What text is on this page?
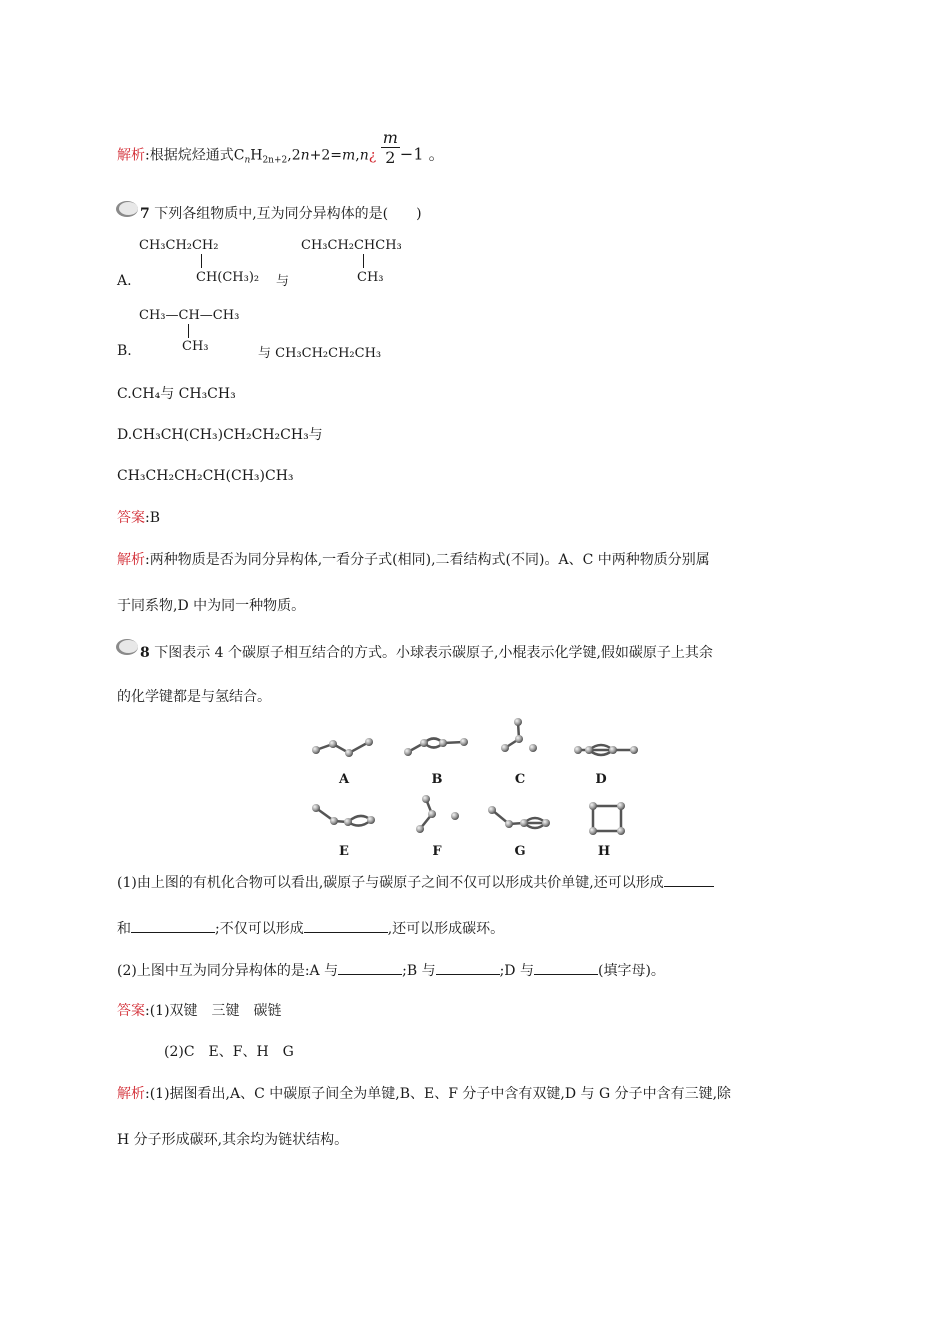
解析:根据烷烃通式$C_nH_{2n+2},2n+2=m,n¿ \frac{m}{2} -1$ 。
7 下列各组物质中,互为同分异构体的是(　　)
CH₃CH₂CH₂
CH(CH₃)₂
A.	与
CH₃CH₂CHCH₃
CH₃
CH₃—CH—CH₃
CH₃
B.	与 CH₃CH₂CH₂CH₃
C.CH₄与 CH₃CH₃
D.CH₃CH(CH₃)CH₂CH₂CH₃与
CH₃CH₂CH₂CH(CH₃)CH₃
答案:B
解析:两种物质是否为同分异构体,一看分子式(相同),二看结构式(不同)。A、C 中两种物质分别属
于同系物,D 中为同一种物质。
8 下图表示 4 个碳原子相互结合的方式。小球表示碳原子,小棍表示化学键,假如碳原子上其余
的化学键都是与氢结合。
A	B	C	D
E	F	G	H
(1)由上图的有机化合物可以看出,碳原子与碳原子之间不仅可以形成共价单键,还可以形成
和	;不仅可以形成	,还可以形成碳环。
(2)上图中互为同分异构体的是:A 与	;B 与	;D 与	(填字母)。
答案:(1)双键　三键　碳链
(2)C　E、F、H　G
解析:(1)据图看出,A、C 中碳原子间全为单键,B、E、F 分子中含有双键,D 与 G 分子中含有三键,除
H 分子形成碳环,其余均为链状结构。
